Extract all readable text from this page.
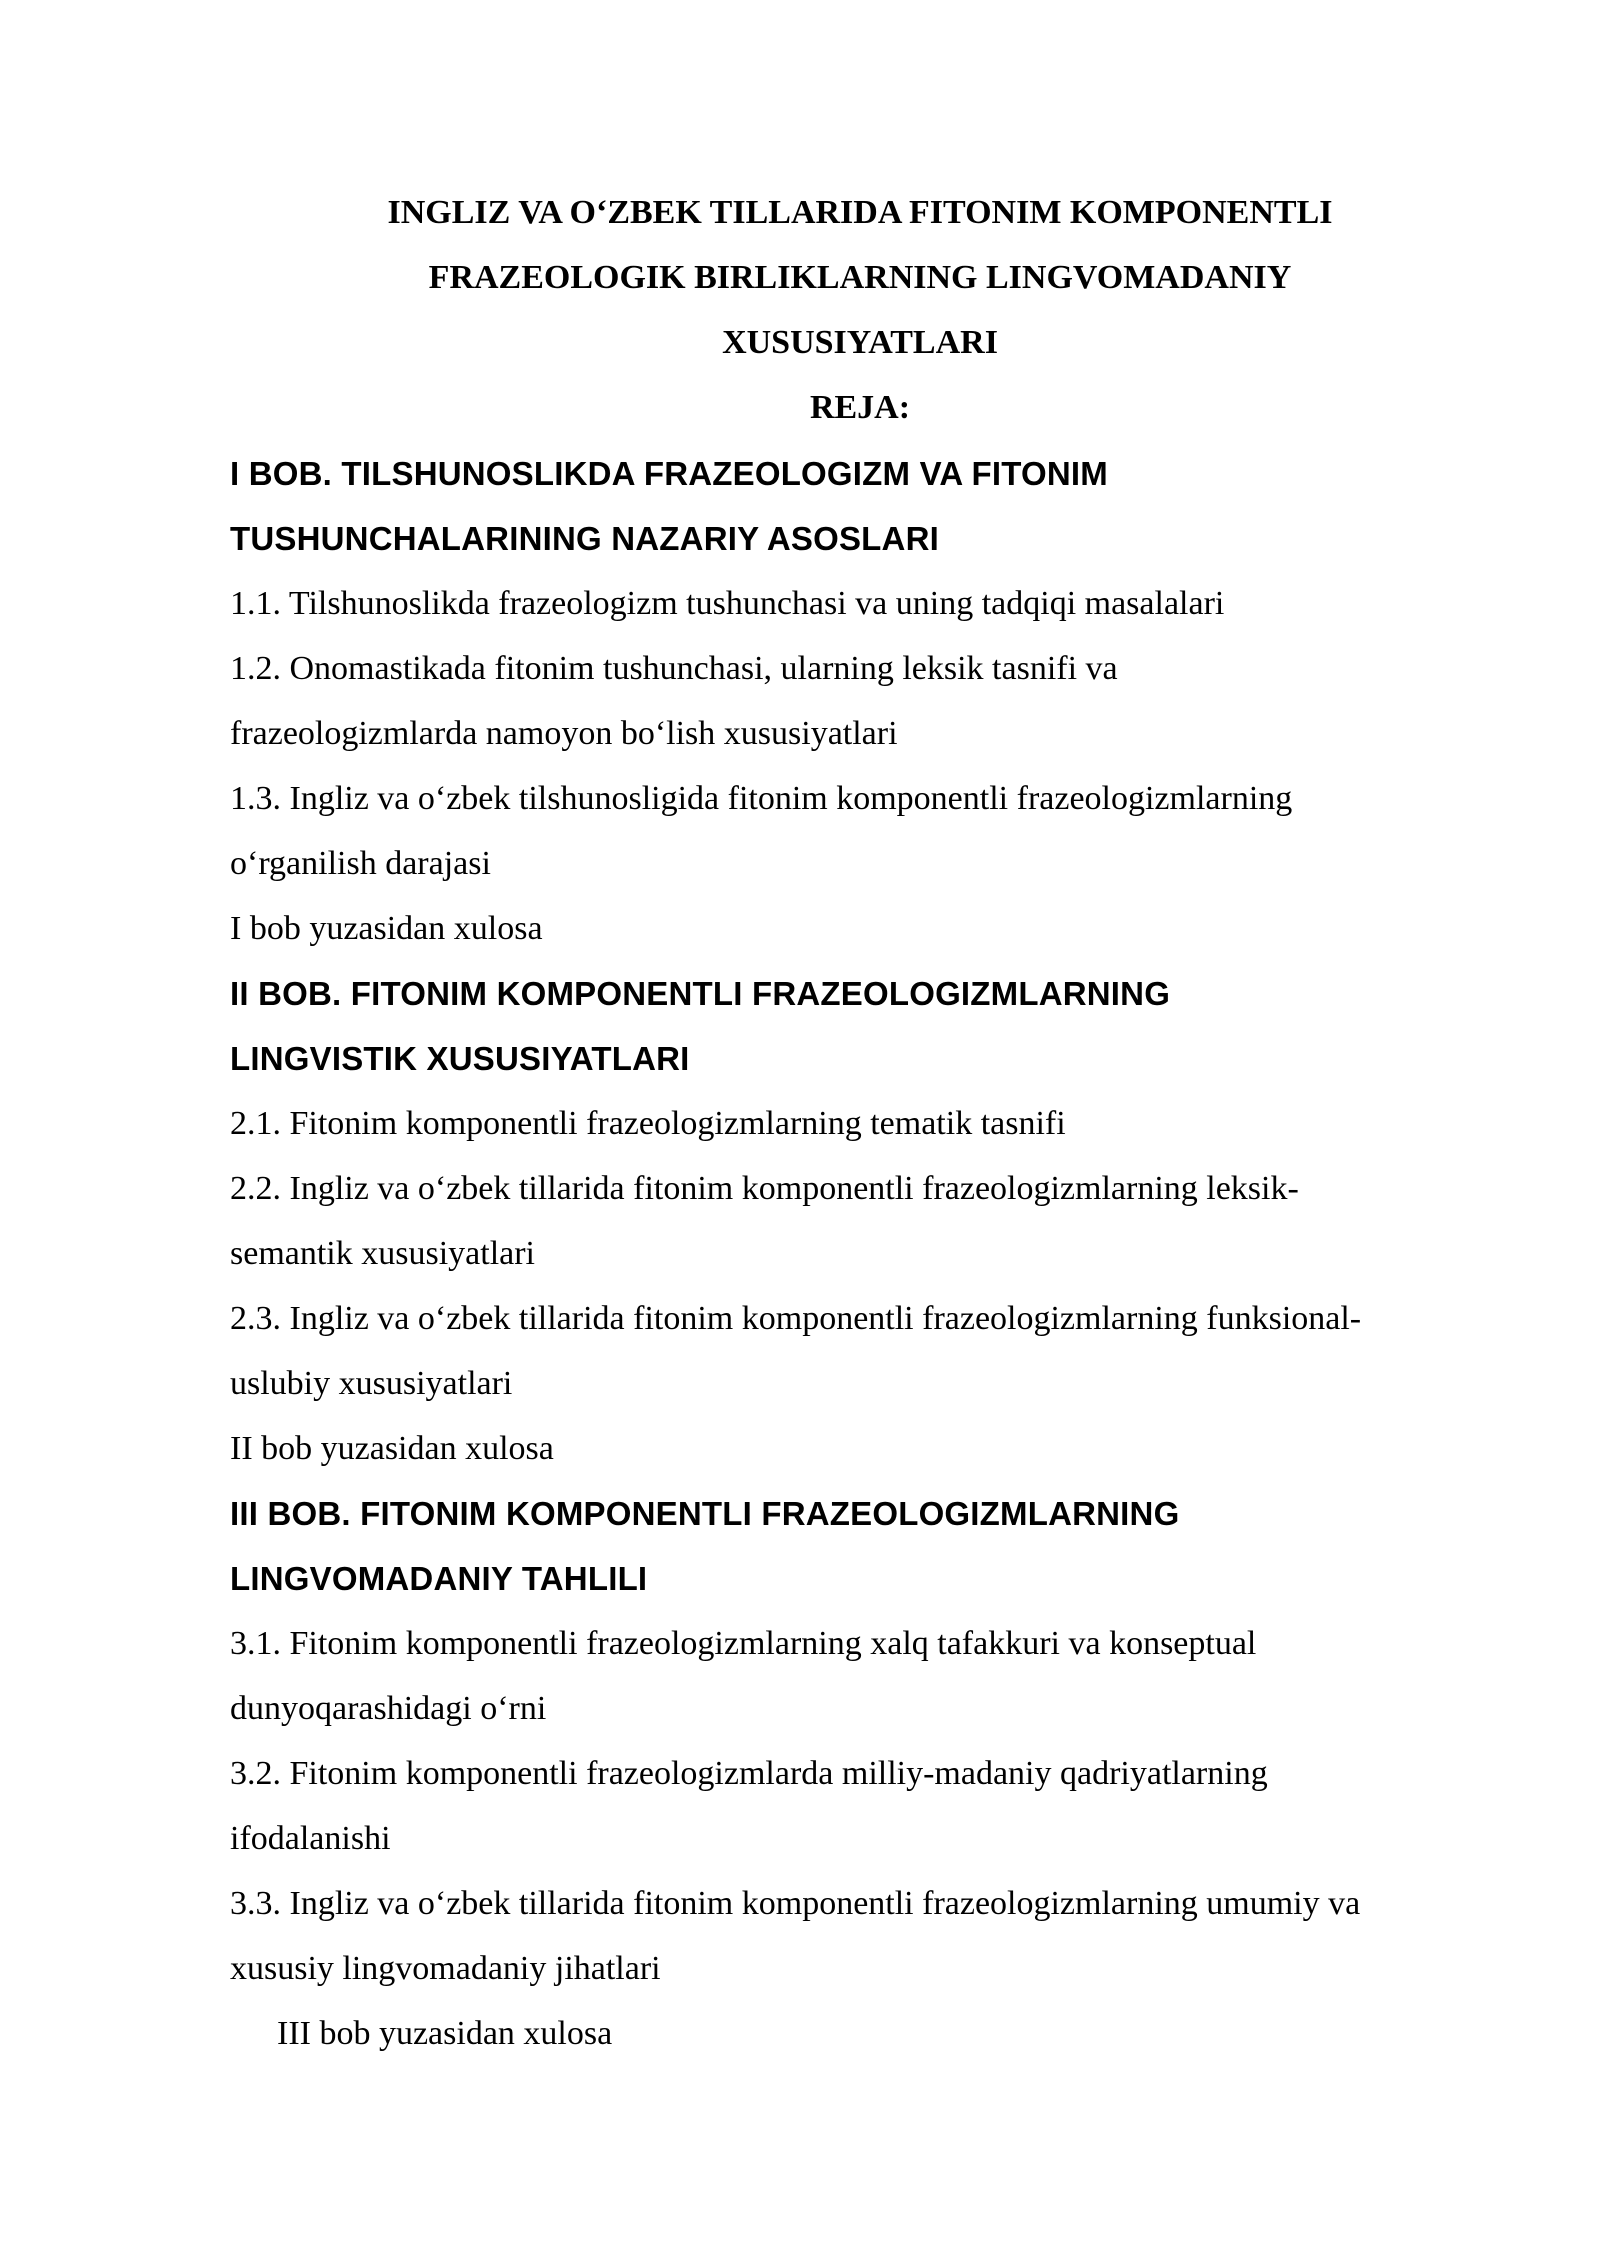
INGLIZ VA O‘ZBEK TILLARIDA FITONIM KOMPONENTLI
FRAZEOLOGIK BIRLIKLARNING LINGVOMADANIY
XUSUSIYATLARI
REJA:
I BOB. TILSHUNOSLIKDA FRAZEOLOGIZM VA FITONIM
TUSHUNCHALARINING NAZARIY ASOSLARI
1.1. Tilshunoslikda frazeologizm tushunchasi va uning tadqiqi masalalari
1.2. Onomastikada fitonim tushunchasi, ularning leksik tasnifi va
frazeologizmlarda namoyon bo‘lish xususiyatlari
1.3. Ingliz va o‘zbek tilshunosligida fitonim komponentli frazeologizmlarning
o‘rganilish darajasi
I bob yuzasidan xulosa
II BOB. FITONIM KOMPONENTLI FRAZEOLOGIZMLARNING
LINGVISTIK XUSUSIYATLARI
2.1. Fitonim komponentli frazeologizmlarning tematik tasnifi
2.2. Ingliz va o‘zbek tillarida fitonim komponentli frazeologizmlarning leksik-
semantik xususiyatlari
2.3. Ingliz va o‘zbek tillarida fitonim komponentli frazeologizmlarning funksional-
uslubiy xususiyatlari
II bob yuzasidan xulosa
III BOB. FITONIM KOMPONENTLI FRAZEOLOGIZMLARNING
LINGVOMADANIY TAHLILI
3.1. Fitonim komponentli frazeologizmlarning xalq tafakkuri va konseptual
dunyoqarashidagi o‘rni
3.2. Fitonim komponentli frazeologizmlarda milliy-madaniy qadriyatlarning
ifodalanishi
3.3. Ingliz va o‘zbek tillarida fitonim komponentli frazeologizmlarning umumiy va
xususiy lingvomadaniy jihatlari
III bob yuzasidan xulosa
